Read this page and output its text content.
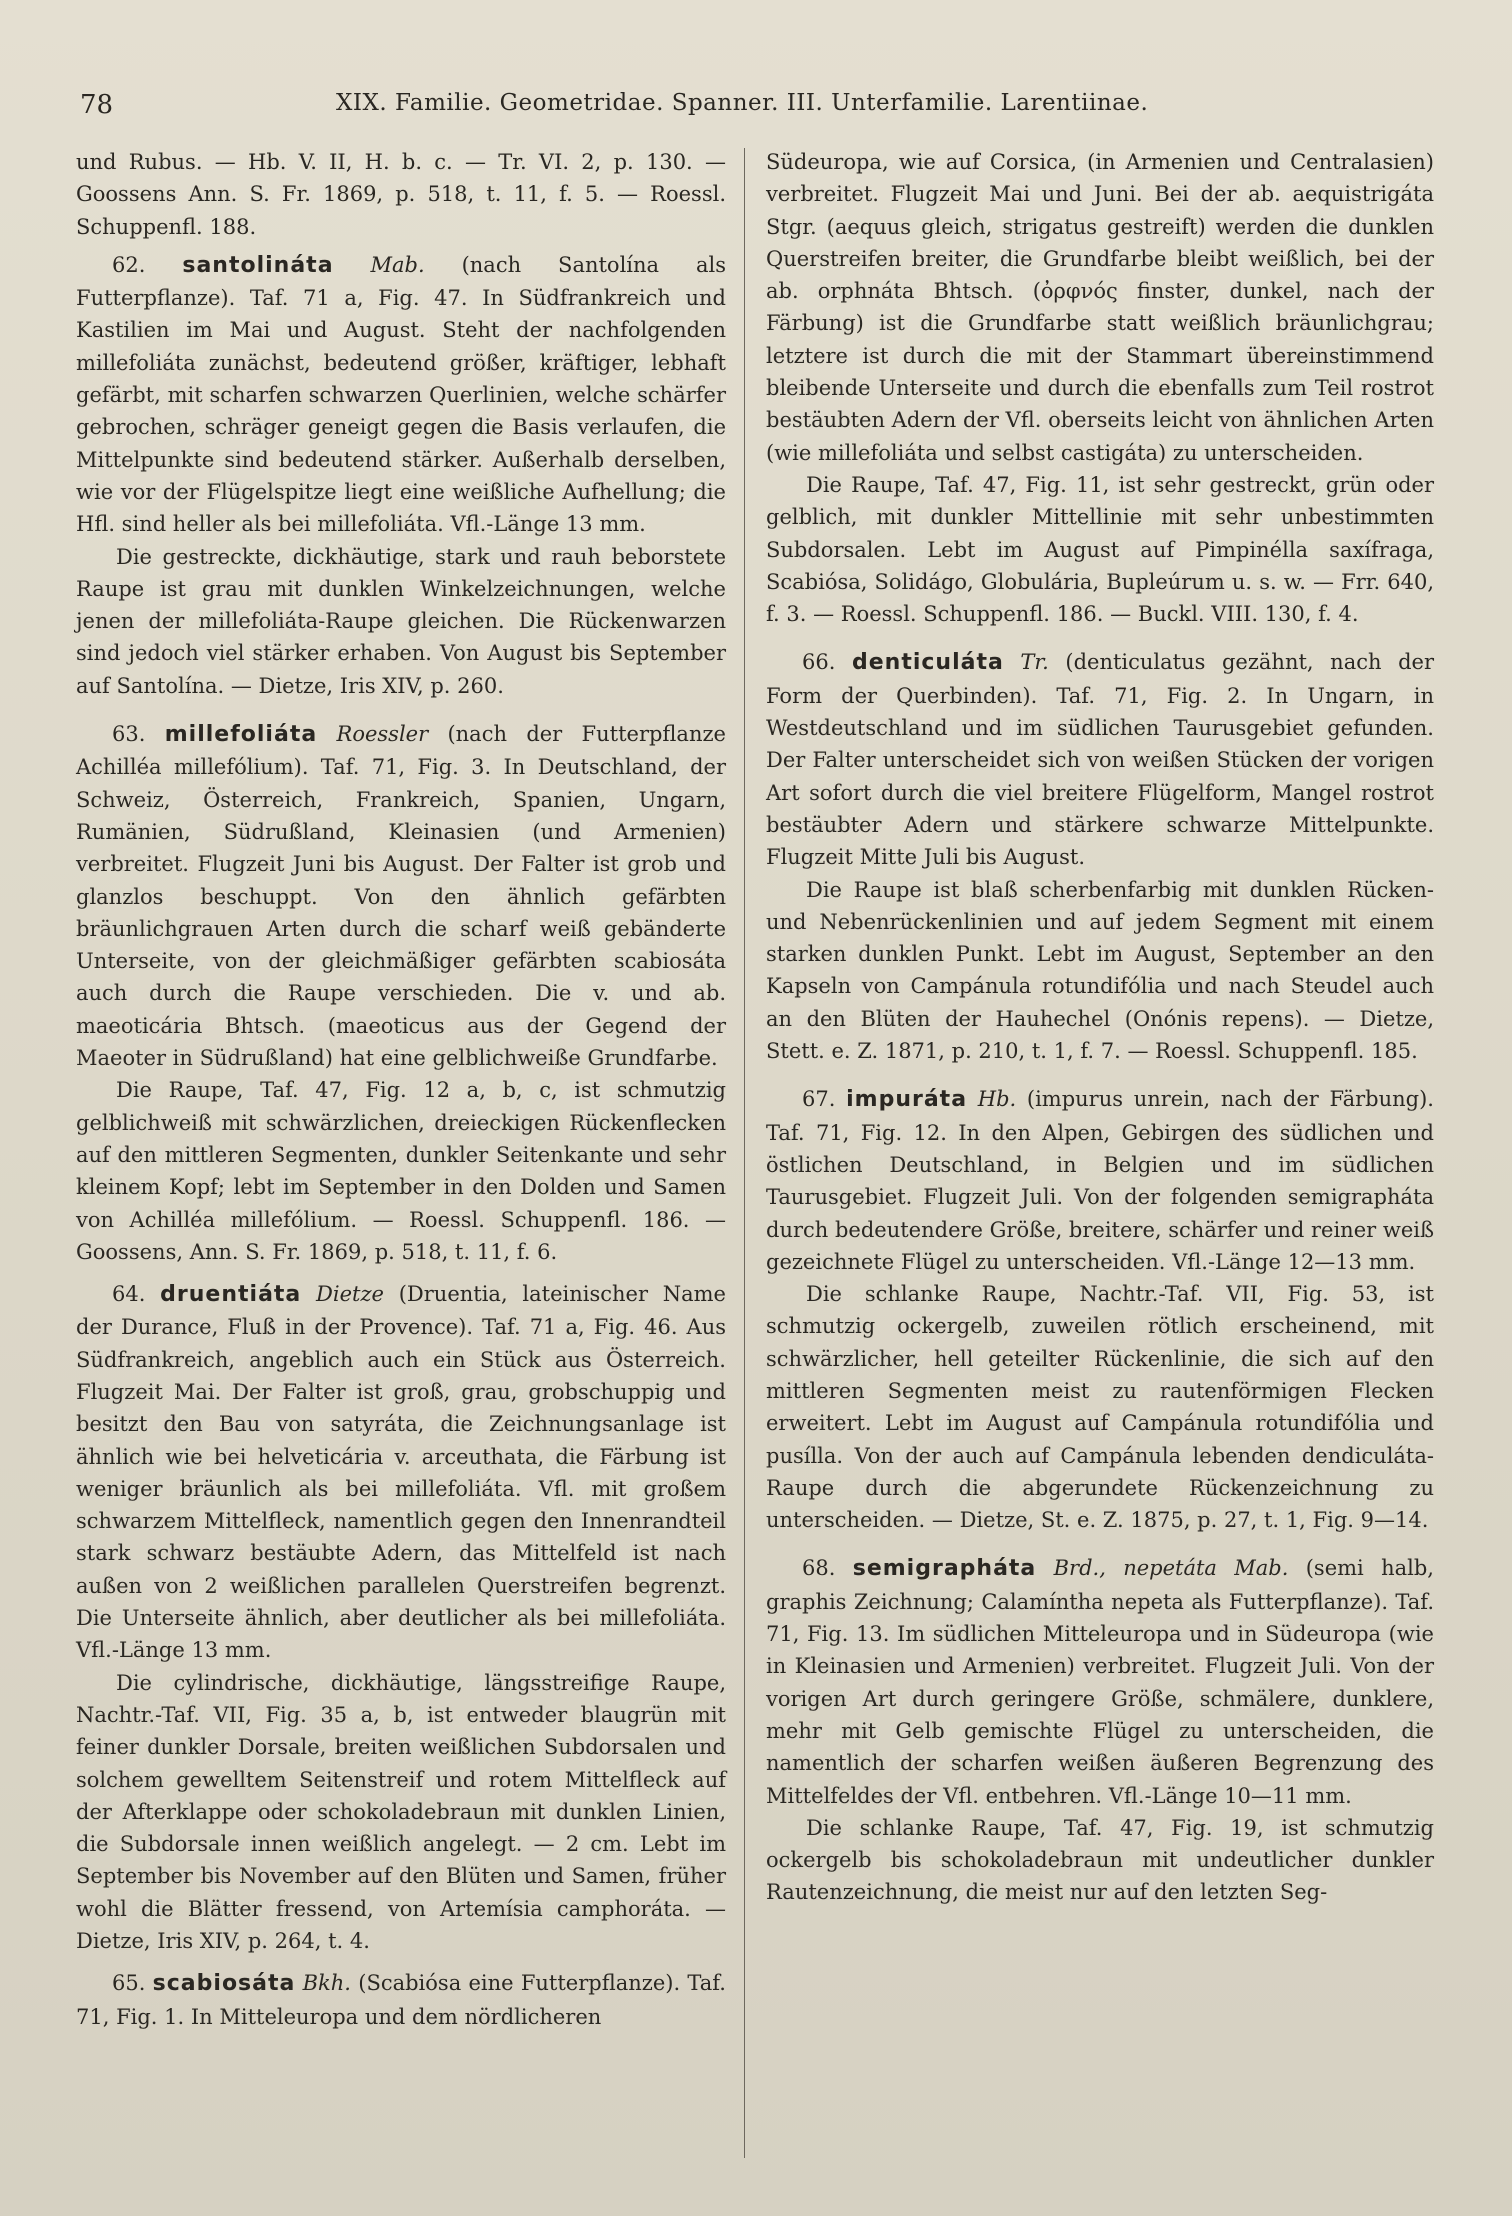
78	XIX. Familie. Geometridae. Spanner. III. Unterfamilie. Larentiinae.

und Rubus. — Hb. V. II, H. b. c. — Tr. VI. 2, p. 130. — Goossens Ann. S. Fr. 1869, p. 518, t. 11, f. 5. — Roessl. Schuppenfl. 188.

62. santolináta Mab. (nach Santolína als Futterpflanze). Taf. 71 a, Fig. 47. In Südfrankreich und Kastilien im Mai und August. Steht der nachfolgenden millefoliáta zunächst, bedeutend größer, kräftiger, lebhaft gefärbt, mit scharfen schwarzen Querlinien, welche schärfer gebrochen, schräger geneigt gegen die Basis verlaufen, die Mittelpunkte sind bedeutend stärker. Außerhalb derselben, wie vor der Flügelspitze liegt eine weißliche Aufhellung; die Hfl. sind heller als bei millefoliáta. Vfl.-Länge 13 mm.

Die gestreckte, dickhäutige, stark und rauh beborstete Raupe ist grau mit dunklen Winkelzeichnungen, welche jenen der millefoliáta-Raupe gleichen. Die Rückenwarzen sind jedoch viel stärker erhaben. Von August bis September auf Santolína. — Dietze, Iris XIV, p. 260.

63. millefoliáta Roessler (nach der Futterpflanze Achilléa millefólium). Taf. 71, Fig. 3. In Deutschland, der Schweiz, Österreich, Frankreich, Spanien, Ungarn, Rumänien, Südrußland, Kleinasien (und Armenien) verbreitet. Flugzeit Juni bis August. Der Falter ist grob und glanzlos beschuppt. Von den ähnlich gefärbten bräunlichgrauen Arten durch die scharf weiß gebänderte Unterseite, von der gleichmäßiger gefärbten scabiosáta auch durch die Raupe verschieden. Die v. und ab. maeoticária Bhtsch. (maeoticus aus der Gegend der Maeoter in Südrußland) hat eine gelblichweiße Grundfarbe.

Die Raupe, Taf. 47, Fig. 12 a, b, c, ist schmutzig gelblichweiß mit schwärzlichen, dreieckigen Rückenflecken auf den mittleren Segmenten, dunkler Seitenkante und sehr kleinem Kopf; lebt im September in den Dolden und Samen von Achilléa millefólium. — Roessl. Schuppenfl. 186. — Goossens, Ann. S. Fr. 1869, p. 518, t. 11, f. 6.

64. druentiáta Dietze (Druentia, lateinischer Name der Durance, Fluß in der Provence). Taf. 71 a, Fig. 46. Aus Südfrankreich, angeblich auch ein Stück aus Österreich. Flugzeit Mai. Der Falter ist groß, grau, grobschuppig und besitzt den Bau von satyráta, die Zeichnungsanlage ist ähnlich wie bei helveticária v. arceuthata, die Färbung ist weniger bräunlich als bei millefoliáta. Vfl. mit großem schwarzem Mittelfleck, namentlich gegen den Innenrandteil stark schwarz bestäubte Adern, das Mittelfeld ist nach außen von 2 weißlichen parallelen Querstreifen begrenzt. Die Unterseite ähnlich, aber deutlicher als bei millefoliáta. Vfl.-Länge 13 mm.

Die cylindrische, dickhäutige, längsstreifige Raupe, Nachtr.-Taf. VII, Fig. 35 a, b, ist entweder blaugrün mit feiner dunkler Dorsale, breiten weißlichen Subdorsalen und solchem gewelltem Seitenstreif und rotem Mittelfleck auf der Afterklappe oder schokoladebraun mit dunklen Linien, die Subdorsale innen weißlich angelegt. — 2 cm. Lebt im September bis November auf den Blüten und Samen, früher wohl die Blätter fressend, von Artemísia camphoráta. — Dietze, Iris XIV, p. 264, t. 4.

65. scabiosáta Bkh. (Scabiósa eine Futterpflanze). Taf. 71, Fig. 1. In Mitteleuropa und dem nördlicheren

Südeuropa, wie auf Corsica, (in Armenien und Centralasien) verbreitet. Flugzeit Mai und Juni. Bei der ab. aequistrigáta Stgr. (aequus gleich, strigatus gestreift) werden die dunklen Querstreifen breiter, die Grundfarbe bleibt weißlich, bei der ab. orphnáta Bhtsch. (ὀρφνός finster, dunkel, nach der Färbung) ist die Grundfarbe statt weißlich bräunlichgrau; letztere ist durch die mit der Stammart übereinstimmend bleibende Unterseite und durch die ebenfalls zum Teil rostrot bestäubten Adern der Vfl. oberseits leicht von ähnlichen Arten (wie millefoliáta und selbst castigáta) zu unterscheiden.

Die Raupe, Taf. 47, Fig. 11, ist sehr gestreckt, grün oder gelblich, mit dunkler Mittellinie mit sehr unbestimmten Subdorsalen. Lebt im August auf Pimpinélla saxífraga, Scabiósa, Solidágo, Globulária, Bupleúrum u. s. w. — Frr. 640, f. 3. — Roessl. Schuppenfl. 186. — Buckl. VIII. 130, f. 4.

66. denticuláta Tr. (denticulatus gezähnt, nach der Form der Querbinden). Taf. 71, Fig. 2. In Ungarn, in Westdeutschland und im südlichen Taurusgebiet gefunden. Der Falter unterscheidet sich von weißen Stücken der vorigen Art sofort durch die viel breitere Flügelform, Mangel rostrot bestäubter Adern und stärkere schwarze Mittelpunkte. Flugzeit Mitte Juli bis August.

Die Raupe ist blaß scherbenfarbig mit dunklen Rücken- und Nebenrückenlinien und auf jedem Segment mit einem starken dunklen Punkt. Lebt im August, September an den Kapseln von Campánula rotundifólia und nach Steudel auch an den Blüten der Hauhechel (Onónis repens). — Dietze, Stett. e. Z. 1871, p. 210, t. 1, f. 7. — Roessl. Schuppenfl. 185.

67. impuráta Hb. (impurus unrein, nach der Färbung). Taf. 71, Fig. 12. In den Alpen, Gebirgen des südlichen und östlichen Deutschland, in Belgien und im südlichen Taurusgebiet. Flugzeit Juli. Von der folgenden semigrapháta durch bedeutendere Größe, breitere, schärfer und reiner weiß gezeichnete Flügel zu unterscheiden. Vfl.-Länge 12—13 mm.

Die schlanke Raupe, Nachtr.-Taf. VII, Fig. 53, ist schmutzig ockergelb, zuweilen rötlich erscheinend, mit schwärzlicher, hell geteilter Rückenlinie, die sich auf den mittleren Segmenten meist zu rautenförmigen Flecken erweitert. Lebt im August auf Campánula rotundifólia und pusílla. Von der auch auf Campánula lebenden dendiculáta-Raupe durch die abgerundete Rückenzeichnung zu unterscheiden. — Dietze, St. e. Z. 1875, p. 27, t. 1, Fig. 9—14.

68. semigrapháta Brd., nepetáta Mab. (semi halb, graphis Zeichnung; Calamíntha nepeta als Futterpflanze). Taf. 71, Fig. 13. Im südlichen Mitteleuropa und in Südeuropa (wie in Kleinasien und Armenien) verbreitet. Flugzeit Juli. Von der vorigen Art durch geringere Größe, schmälere, dunklere, mehr mit Gelb gemischte Flügel zu unterscheiden, die namentlich der scharfen weißen äußeren Begrenzung des Mittelfeldes der Vfl. entbehren. Vfl.-Länge 10—11 mm.

Die schlanke Raupe, Taf. 47, Fig. 19, ist schmutzig ockergelb bis schokoladebraun mit undeutlicher dunkler Rautenzeichnung, die meist nur auf den letzten Seg-
